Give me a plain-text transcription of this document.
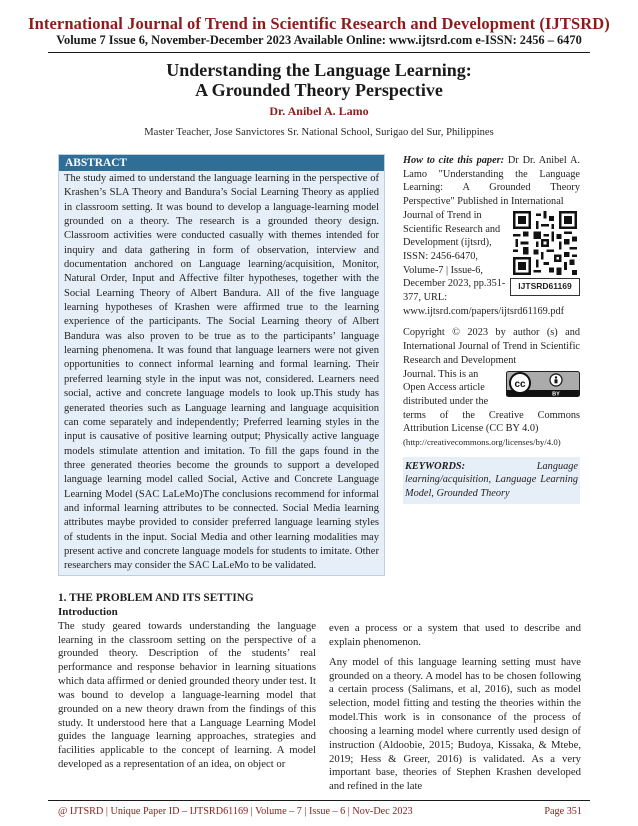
International Journal of Trend in Scientific Research and Development (IJTSRD)
Volume 7 Issue 6, November-December 2023 Available Online: www.ijtsrd.com e-ISSN: 2456 – 6470
Understanding the Language Learning:
A Grounded Theory Perspective
Dr. Anibel A. Lamo
Master Teacher, Jose Sanvictores Sr. National School, Surigao del Sur, Philippines
ABSTRACT
The study aimed to understand the language learning in the perspective of Krashen’s SLA Theory and Bandura’s Social Learning Theory as applied in classroom setting. It was bound to develop a language-learning model grounded on a theory. The research is a grounded theory design. Classroom activities were conducted casually with themes intended for inquiry and data gathering in form of observation, interview and documentation anchored on Language learning/acquisition, Monitor, Natural Order, Input and Affective filter hypotheses, together with the Social Learning Theory of Albert Bandura. All of the five language learning hypotheses of Krashen were affirmed true to the learning experience of the participants. The Social Learning theory of Albert Bandura was also proven to be true as to the participants’ language learning phenomena. It was found that language learners were not given opportunities to connect informal learning and formal learning. Their preferred learning style in the input was not, considered. Learners need social, active and concrete language models to look up.This study has generated theories such as Language learning and language acquisition can come separately and independently; Preferred learning styles in the input is causative of positive learning output; Physically active language models stimulate attention and imitation. To fill the gaps found in the three generated theories become the grounds to support a developed language learning model called Social, Active and Concrete Language Learning Model (SAC LaLeMo)The conclusions recommend for informal and informal learning attributes to be connected. Social Media learning attributes maybe provided to consider preferred language learning styles of students in the input. Social Media and other learning modalities may present active and concrete language models for students to imitate. Other researchers may consider the SAC LaLeMo to be validated.
How to cite this paper: Dr Dr. Anibel A. Lamo "Understanding the Language Learning: A Grounded Theory Perspective" Published in International
Journal of Trend in Scientific Research and Development (ijtsrd), ISSN: 2456-6470, Volume-7 | Issue-6, December 2023, pp.351-377, URL:
IJTSRD61169
www.ijtsrd.com/papers/ijtsrd61169.pdf
Copyright © 2023 by author (s) and International Journal of Trend in Scientific Research and Development
Journal. This is an Open Access article distributed under the
cc
BY
terms of the Creative Commons Attribution License (CC BY 4.0)
(http://creativecommons.org/licenses/by/4.0)
KEYWORDS:	Language learning/acquisition, Language Learning Model, Grounded Theory
1. THE PROBLEM AND ITS SETTING
Introduction
The study geared towards understanding the language learning in the classroom setting on the perspective of a grounded theory. Description of the students’ real performance and response behavior in learning situations which data affirmed or denied grounded theory under test. It was bound to develop a language-learning model that grounded on a new theory drawn from the findings of this study. It understood here that a Language Learning Model guides the language learning approaches, strategies and facilities applicable to the concept of learning. A model developed as a representation of an idea, on object or

even a process or a system that used to describe and explain phenomenon.

Any model of this language learning setting must have grounded on a theory. A model has to be chosen following a certain process (Salimans, et al, 2016), such as model selection, model fitting and testing the theories within the model.This work is in consonance of the process of choosing a learning model where currently used design of instruction (Aldoobie, 2015; Budoya, Kissaka, & Mtebe, 2019; Hess & Greer, 2016) is validated. As a very important base, theories of Stephen Krashen developed and refined in the late

@ IJTSRD | Unique Paper ID – IJTSRD61169 | Volume – 7 | Issue – 6 | Nov-Dec 2023	Page 351
